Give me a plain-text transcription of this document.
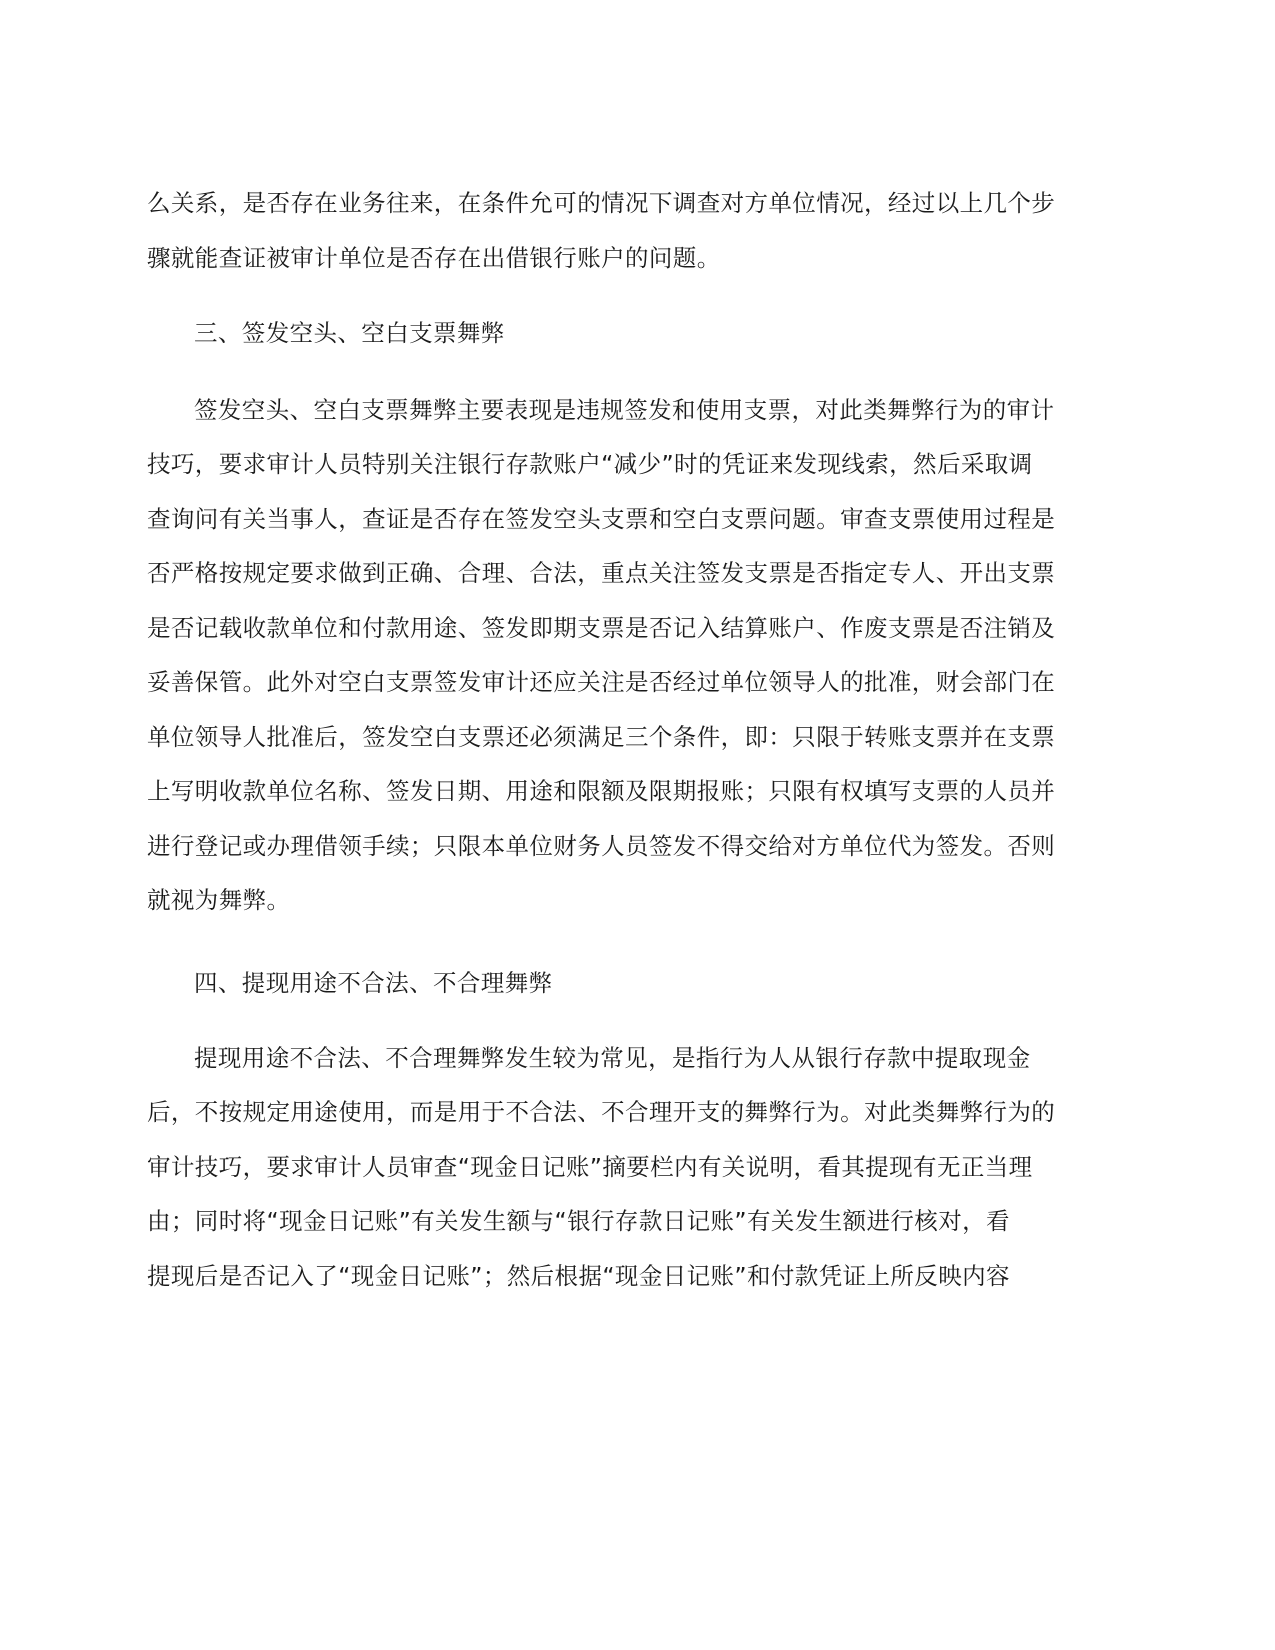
么关系，是否存在业务往来，在条件允可的情况下调查对方单位情况，经过以上几个步
骤就能查证被审计单位是否存在出借银行账户的问题。
三、签发空头、空白支票舞弊
签发空头、空白支票舞弊主要表现是违规签发和使用支票，对此类舞弊行为的审计
技巧，要求审计人员特别关注银行存款账户“减少”时的凭证来发现线索，然后采取调
查询问有关当事人，查证是否存在签发空头支票和空白支票问题。审查支票使用过程是
否严格按规定要求做到正确、合理、合法，重点关注签发支票是否指定专人、开出支票
是否记载收款单位和付款用途、签发即期支票是否记入结算账户、作废支票是否注销及
妥善保管。此外对空白支票签发审计还应关注是否经过单位领导人的批准，财会部门在
单位领导人批准后，签发空白支票还必须满足三个条件，即：只限于转账支票并在支票
上写明收款单位名称、签发日期、用途和限额及限期报账；只限有权填写支票的人员并
进行登记或办理借领手续；只限本单位财务人员签发不得交给对方单位代为签发。否则
就视为舞弊。
四、提现用途不合法、不合理舞弊
提现用途不合法、不合理舞弊发生较为常见，是指行为人从银行存款中提取现金
后，不按规定用途使用，而是用于不合法、不合理开支的舞弊行为。对此类舞弊行为的
审计技巧，要求审计人员审查“现金日记账”摘要栏内有关说明，看其提现有无正当理
由；同时将“现金日记账”有关发生额与“银行存款日记账”有关发生额进行核对，看
提现后是否记入了“现金日记账”；然后根据“现金日记账”和付款凭证上所反映内容
